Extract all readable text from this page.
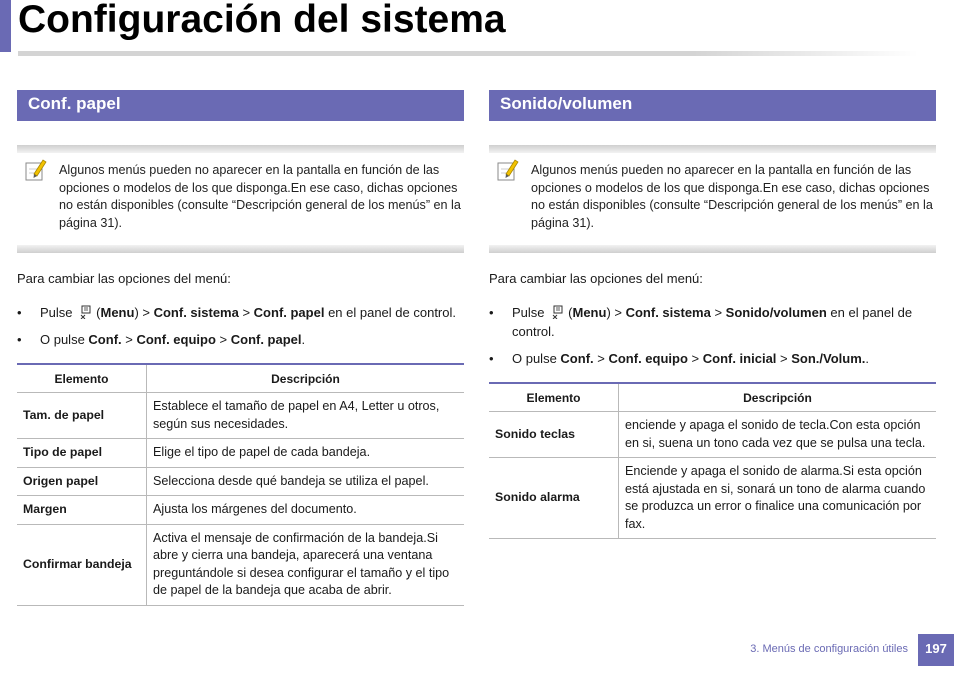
Configuración del sistema
Conf. papel
Algunos menús pueden no aparecer en la pantalla en función de las opciones o modelos de los que disponga.En ese caso, dichas opciones no están disponibles (consulte “Descripción general de los menús” en la página 31).
Para cambiar las opciones del menú:
• Pulse (Menu) > Conf. sistema > Conf. papel en el panel de control.
• O pulse Conf. > Conf. equipo > Conf. papel.
Elemento	Descripción
Tam. de papel	Establece el tamaño de papel en A4, Letter u otros, según sus necesidades.
Tipo de papel	Elige el tipo de papel de cada bandeja.
Origen papel	Selecciona desde qué bandeja se utiliza el papel.
Margen	Ajusta los márgenes del documento.
Confirmar bandeja	Activa el mensaje de confirmación de la bandeja.Si abre y cierra una bandeja, aparecerá una ventana preguntándole si desea configurar el tamaño y el tipo de papel de la bandeja que acaba de abrir.
Sonido/volumen
Algunos menús pueden no aparecer en la pantalla en función de las opciones o modelos de los que disponga.En ese caso, dichas opciones no están disponibles (consulte “Descripción general de los menús” en la página 31).
Para cambiar las opciones del menú:
• Pulse (Menu) > Conf. sistema > Sonido/volumen en el panel de control.
• O pulse Conf. > Conf. equipo > Conf. inicial > Son./Volum..
Elemento	Descripción
Sonido teclas	enciende y apaga el sonido de tecla.Con esta opción en si, suena un tono cada vez que se pulsa una tecla.
Sonido alarma	Enciende y apaga el sonido de alarma.Si esta opción está ajustada en si, sonará un tono de alarma cuando se produzca un error o finalice una comunicación por fax.
3. Menús de configuración útiles	197
